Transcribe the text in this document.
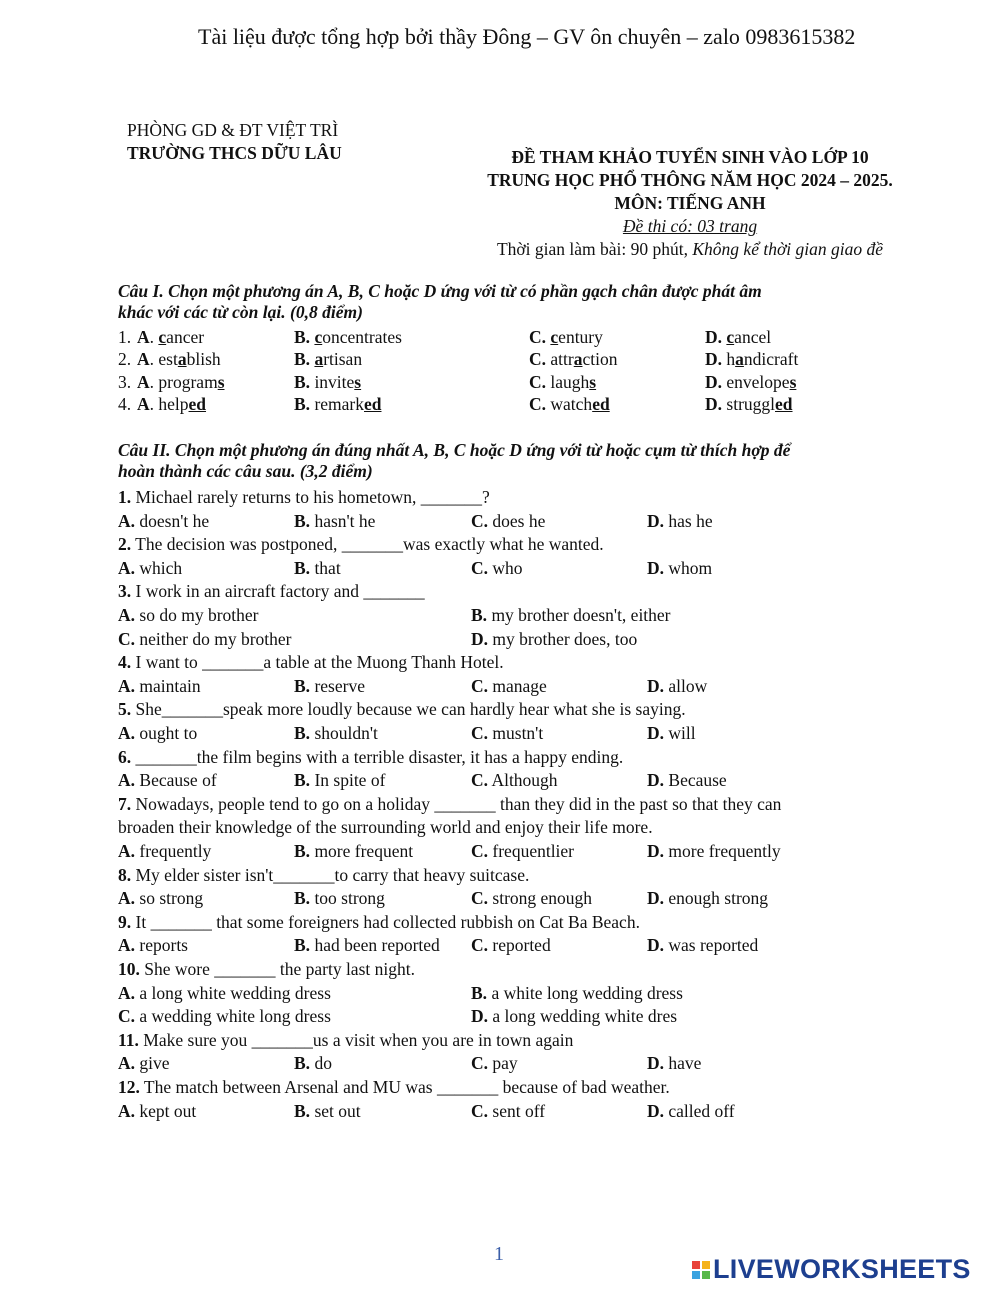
Tài liệu được tổng hợp bởi thầy Đông – GV ôn chuyên – zalo 0983615382
PHÒNG GD & ĐT VIỆT TRÌ
TRƯỜNG THCS DỮU LÂU	ĐỀ THAM KHẢO TUYỂN SINH VÀO LỚP 10
TRUNG HỌC PHỔ THÔNG NĂM HỌC 2024 – 2025.
MÔN: TIẾNG ANH
Đề thi có: 03 trang
Thời gian làm bài: 90 phút, Không kể thời gian giao đề
Câu I. Chọn một phương án A, B, C hoặc D ứng với từ có phần gạch chân được phát âm
khác với các từ còn lại. (0,8 điểm)
1. A. cancer	B. concentrates	C. century	D. cancel
2. A. establish	B. artisan	C. attraction	D. handicraft
3. A. programs	B. invites	C. laughs	D. envelopes
4. A. helped	B. remarked	C. watched	D. struggled
Câu II. Chọn một phương án đúng nhất A, B, C hoặc D ứng với từ hoặc cụm từ thích hợp để
hoàn thành các câu sau. (3,2 điểm)
1. Michael rarely returns to his hometown, _______?
A. doesn't he	B. hasn't he	C. does he	D. has he
2. The decision was postponed, _______was exactly what he wanted.
A. which	B. that	C. who	D. whom
3. I work in an aircraft factory and _______
A. so do my brother	B. my brother doesn't, either
C. neither do my brother	D. my brother does, too
4. I want to _______a table at the Muong Thanh Hotel.
A. maintain	B. reserve	C. manage	D. allow
5. She_______speak more loudly because we can hardly hear what she is saying.
A. ought to	B. shouldn't	C. mustn't	D. will
6. _______the film begins with a terrible disaster, it has a happy ending.
A. Because of	B. In spite of	C. Although	D. Because
7. Nowadays, people tend to go on a holiday _______ than they did in the past so that they can
broaden their knowledge of the surrounding world and enjoy their life more.
A. frequently	B. more frequent	C. frequentlier	D. more frequently
8. My elder sister isn't_______to carry that heavy suitcase.
A. so strong	B. too strong	C. strong enough	D. enough strong
9. It _______ that some foreigners had collected rubbish on Cat Ba Beach.
A. reports	B. had been reported C. reported	D. was reported
10. She wore _______ the party last night.
A. a long white wedding dress	B. a white long wedding dress
C. a wedding white long dress	D. a long wedding white dres
11. Make sure you _______us a visit when you are in town again
A. give	B. do	C. pay	D. have
12. The match between Arsenal and MU was _______ because of bad weather.
A. kept out	B. set out	C. sent off	D. called off
1	LIVEWORKSHEETS
